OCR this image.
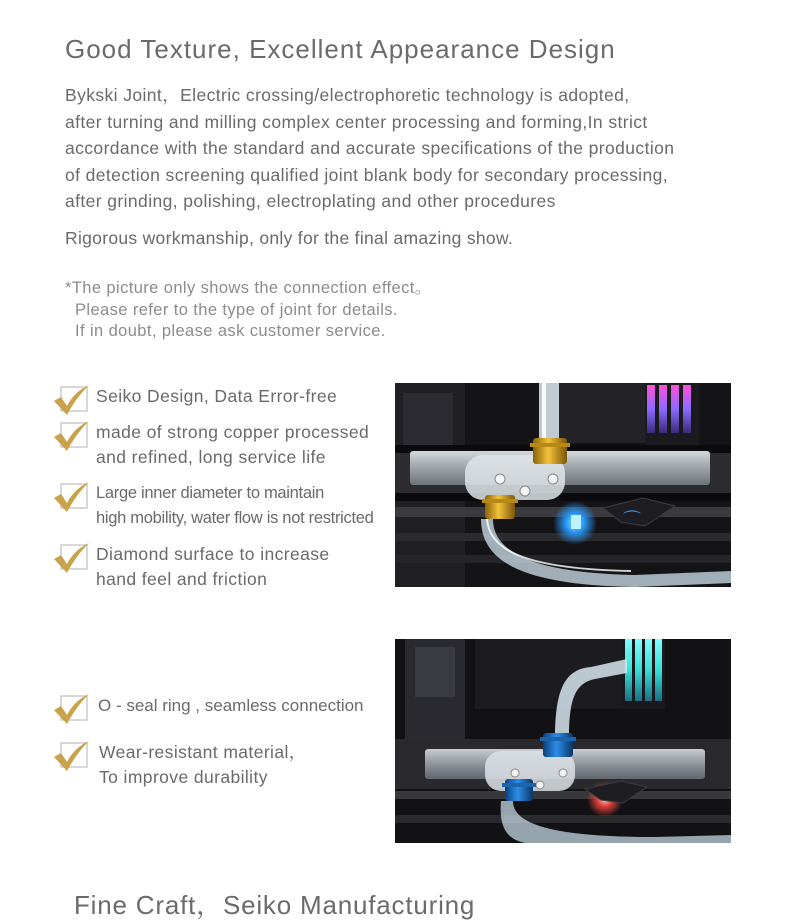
Good Texture, Excellent Appearance Design
Bykski Joint，Electric crossing/electrophoretic technology is adopted,
after turning and milling complex center processing and forming,In strict
accordance with the standard and accurate specifications of the production
of detection screening qualified joint blank body for secondary processing,
after grinding, polishing, electroplating and other procedures
Rigorous workmanship, only for the final amazing show.
*The picture only shows the connection effect。
Please refer to the type of joint for details.
If in doubt, please ask customer service.
Seiko Design, Data Error-free
made of strong copper processed
and refined, long service life
Large inner diameter to maintain
high mobility, water flow is not restricted
Diamond surface to increase
hand feel and friction
⌒
O - seal ring , seamless connection
Wear-resistant material，
To improve durability
Fine Craft，Seiko Manufacturing
